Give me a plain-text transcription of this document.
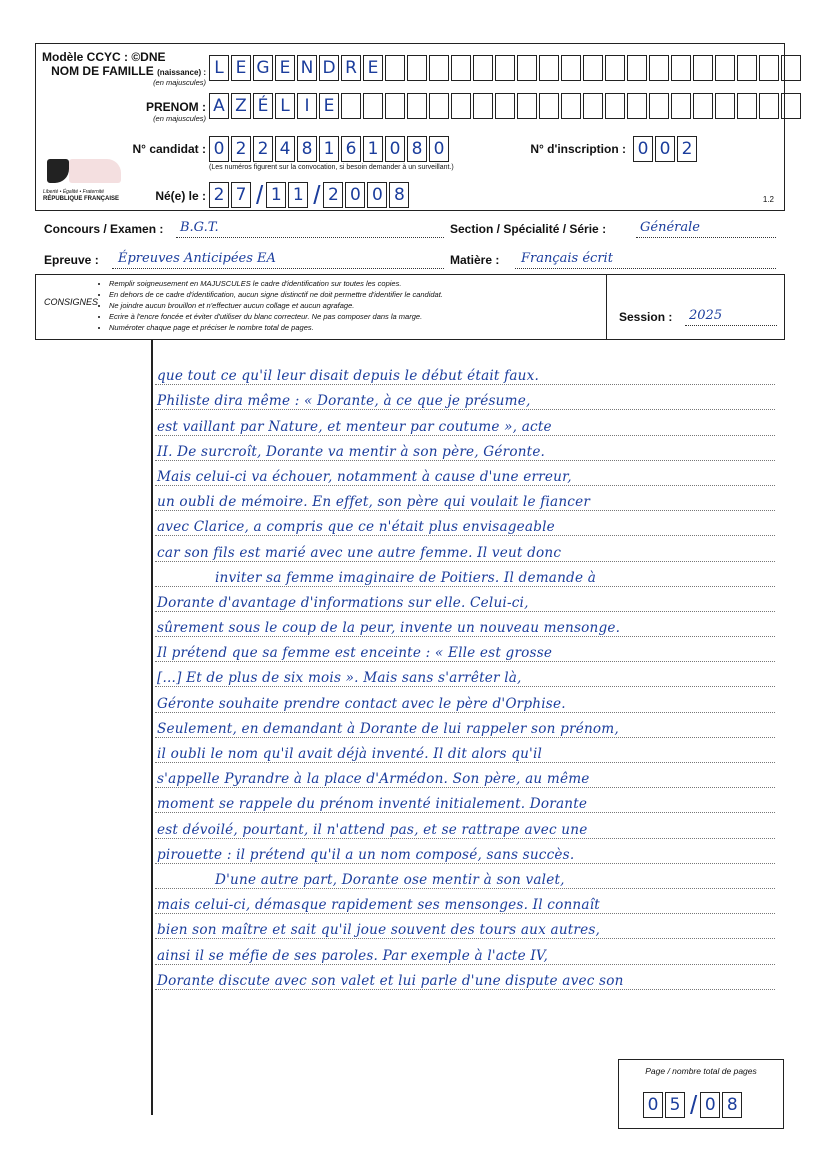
Modèle CCYC : ©DNE
NOM DE FAMILLE (naissance) :
(en majuscules)
L E G E N D R E
PRENOM :
(en majuscules)
A Z É L I E
N° candidat : 0 2 2 4 8 1 6 1 0 8 0
(Les numéros figurent sur la convocation, si besoin demander à un surveillant.)
N° d'inscription : 0 0 2
Liberté • Égalité • Fraternité
RÉPUBLIQUE FRANÇAISE	Né(e) le : 2 7 / 1 1 / 2 0 0 8	1.2
Concours / Examen : B.G.T.	Section / Spécialité / Série :	Générale
Epreuve : Épreuves Anticipées EA	Matière : Français écrit
CONSIGNES
• Remplir soigneusement en MAJUSCULES le cadre d'identification sur toutes les copies.
• En dehors de ce cadre d'identification, aucun signe distinctif ne doit permettre d'identifier le candidat.
• Ne joindre aucun brouillon et n'effectuer aucun collage et aucun agrafage.
• Ecrire à l'encre foncée et éviter d'utiliser du blanc correcteur. Ne pas composer dans la marge.
• Numéroter chaque page et préciser le nombre total de pages.
Session : 2025
que tout ce qu'il leur disait depuis le début était faux.
Philiste dira même : « Dorante, à ce que je présume,
est vaillant par Nature, et menteur par coutume », acte
II. De surcroît, Dorante va mentir à son père, Géronte.
Mais celui-ci va échouer, notamment à cause d'une erreur,
un oubli de mémoire. En effet, son père qui voulait le fiancer
avec Clarice, a compris que ce n'était plus envisageable
car son fils est marié avec une autre femme. Il veut donc
inviter sa femme imaginaire de Poitiers. Il demande à
Dorante d'avantage d'informations sur elle. Celui-ci,
sûrement sous le coup de la peur, invente un nouveau mensonge.
Il prétend que sa femme est enceinte : « Elle est grosse
[...] Et de plus de six mois ». Mais sans s'arrêter là,
Géronte souhaite prendre contact avec le père d'Orphise.
Seulement, en demandant à Dorante de lui rappeler son prénom,
il oubli le nom qu'il avait déjà inventé. Il dit alors qu'il
s'appelle Pyrandre à la place d'Armédon. Son père, au même
moment se rappele du prénom inventé initialement. Dorante
est dévoilé, pourtant, il n'attend pas, et se rattrape avec une
pirouette : il prétend qu'il a un nom composé, sans succès.
D'une autre part, Dorante ose mentir à son valet,
mais celui-ci, démasque rapidement ses mensonges. Il connaît
bien son maître et sait qu'il joue souvent des tours aux autres,
ainsi il se méfie de ses paroles. Par exemple à l'acte IV,
Dorante discute avec son valet et lui parle d'une dispute avec son
Page / nombre total de pages
0 5 / 0 8
